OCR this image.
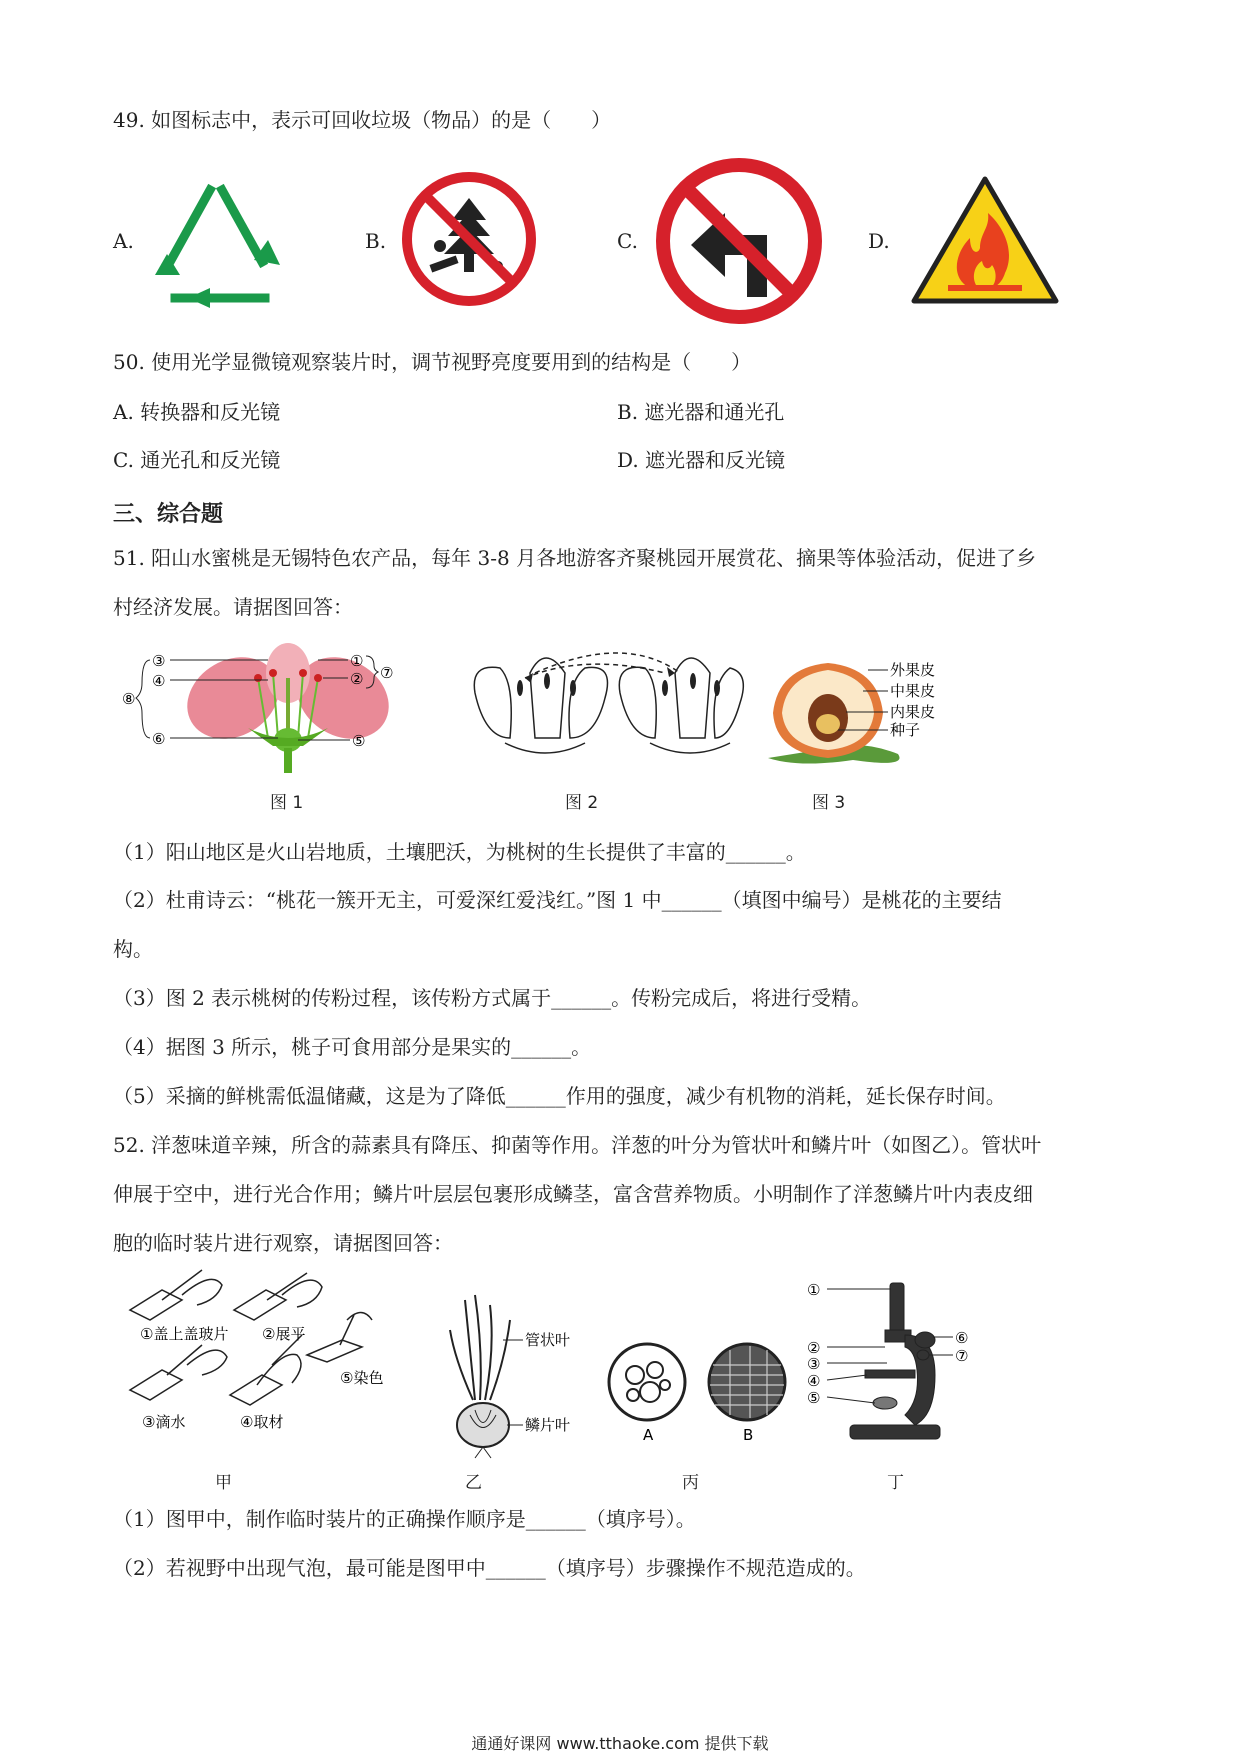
49. 如图标志中，表示可回收垃圾（物品）的是（　　）
A.	B.	C.	D.
50. 使用光学显微镜观察装片时，调节视野亮度要用到的结构是（　　）
A. 转换器和反光镜	B. 遮光器和通光孔
C. 通光孔和反光镜	D. 遮光器和反光镜
三、综合题
51. 阳山水蜜桃是无锡特色农产品，每年 3-8 月各地游客齐聚桃园开展赏花、摘果等体验活动，促进了乡
村经济发展。请据图回答：
③
④
⑧
⑥
①
② ⑦
⑤
图 1	图 2
外果皮
中果皮
内果皮
种子
图 3
（1）阳山地区是火山岩地质，土壤肥沃，为桃树的生长提供了丰富的______。
（2）杜甫诗云：“桃花一簇开无主，可爱深红爱浅红。”图 1 中______（填图中编号）是桃花的主要结
构。
（3）图 2 表示桃树的传粉过程，该传粉方式属于______。传粉完成后，将进行受精。
（4）据图 3 所示，桃子可食用部分是果实的______。
（5）采摘的鲜桃需低温储藏，这是为了降低______作用的强度，减少有机物的消耗，延长保存时间。
52. 洋葱味道辛辣，所含的蒜素具有降压、抑菌等作用。洋葱的叶分为管状叶和鳞片叶（如图乙）。管状叶
伸展于空中，进行光合作用；鳞片叶层层包裹形成鳞茎，富含营养物质。小明制作了洋葱鳞片叶内表皮细
胞的临时装片进行观察，请据图回答：
①盖上盖玻片 ②展平
⑤染色
③滴水	④取材
甲
管状叶
鳞片叶
乙
A	B
丙
①
②
③
④
⑤
⑥
⑦
丁
（1）图甲中，制作临时装片的正确操作顺序是______（填序号）。
（2）若视野中出现气泡，最可能是图甲中______（填序号）步骤操作不规范造成的。
通通好课网 www.tthaoke.com 提供下载
